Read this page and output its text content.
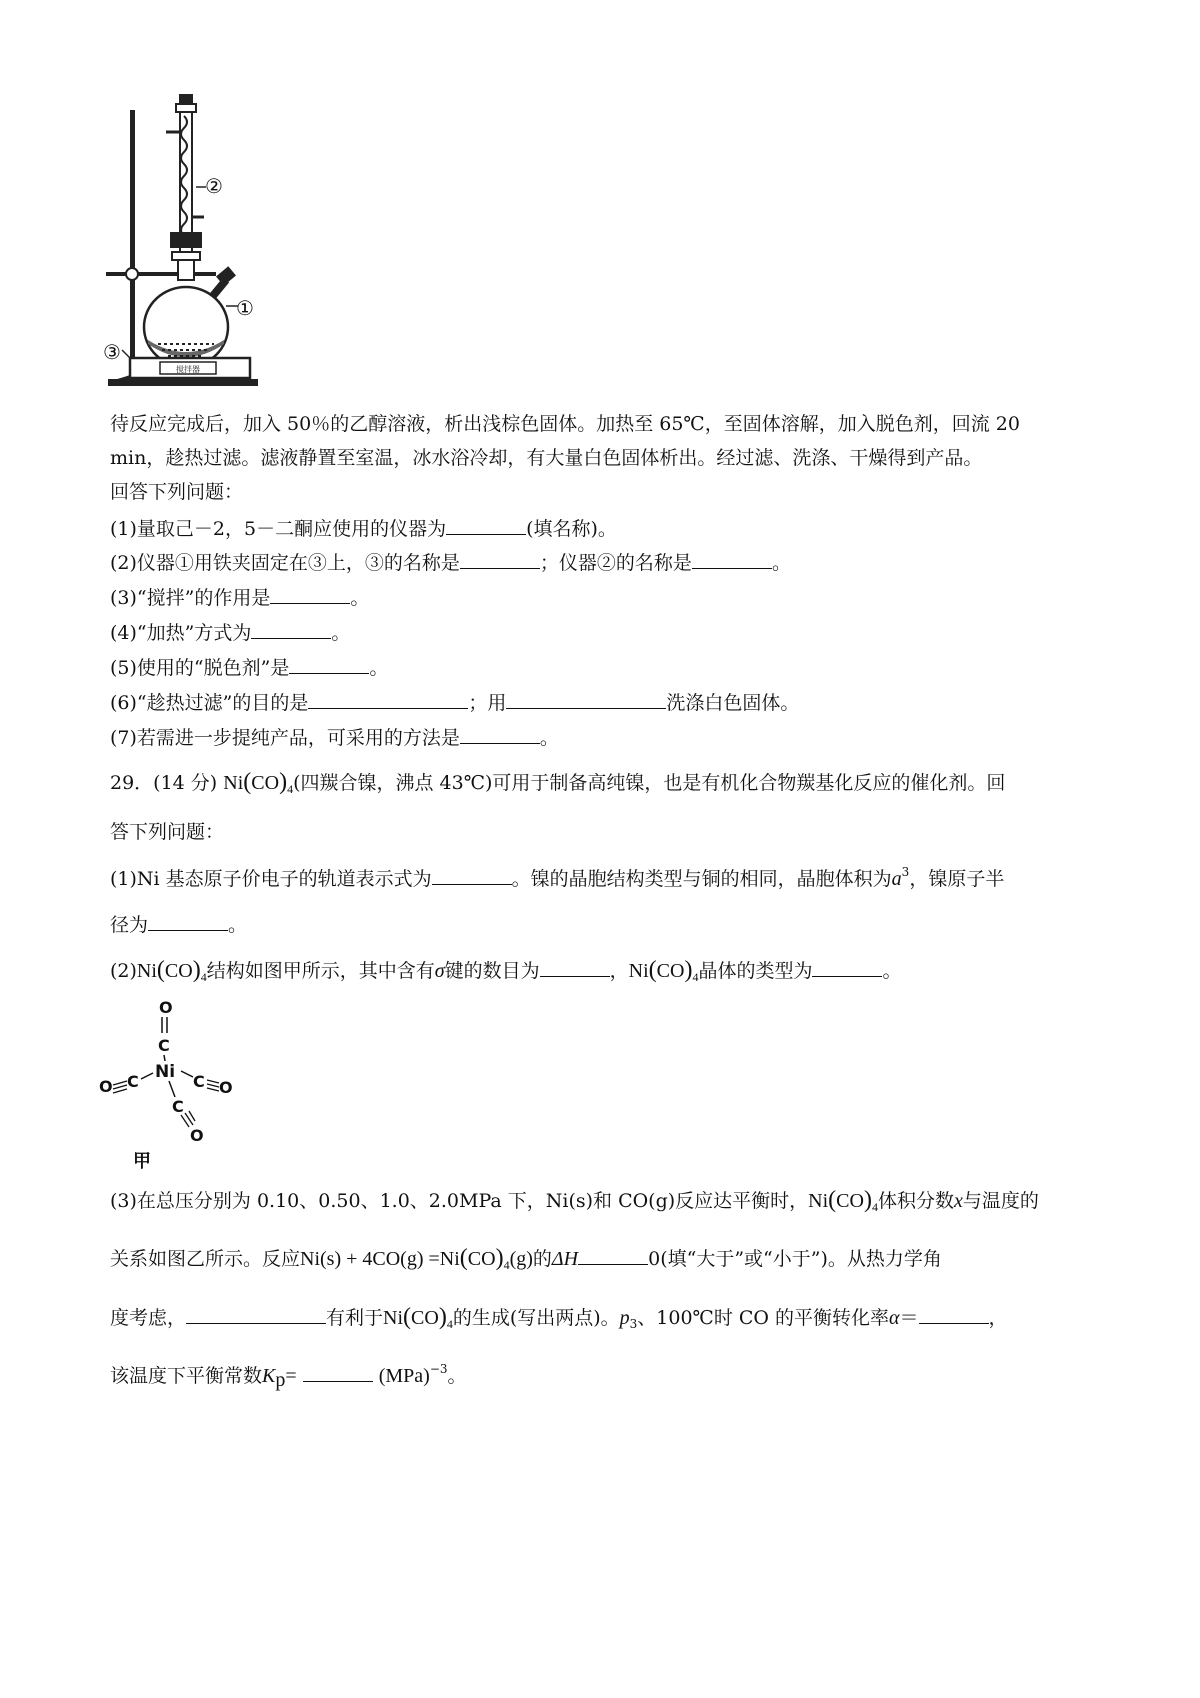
搅拌器
②
①
③
待反应完成后，加入 50％的乙醇溶液，析出浅棕色固体。加热至 65℃，至固体溶解，加入脱色剂，回流 20
min，趁热过滤。滤液静置至室温，冰水浴冷却，有大量白色固体析出。经过滤、洗涤、干燥得到产品。
回答下列问题：
(1)量取己－2，5－二酮应使用的仪器为	(填名称)。
(2)仪器①用铁夹固定在③上，③的名称是	；仪器②的名称是	。
(3)“搅拌”的作用是	。
(4)“加热”方式为	。
(5)使用的“脱色剂”是	。
(6)“趁热过滤”的目的是	；用	洗涤白色固体。
(7)若需进一步提纯产品，可采用的方法是	。
29．(14 分) $Ni(CO)_4$(四羰合镍，沸点 43℃)可用于制备高纯镍，也是有机化合物羰基化反应的催化剂。回
答下列问题：
(1)Ni 基态原子价电子的轨道表示式为	。镍的晶胞结构类型与铜的相同，晶胞体积为$a^3$，镍原子半
径为	。
$(2)Ni(CO)_4$结构如图甲所示，其中含有σ键的数目为	，$Ni(CO)_4$晶体的类型为	。
O
C
Ni
O C	C O
C
O
甲
(3)在总压分别为 0.10、0.50、1.0、2.0MPa 下，Ni(s)和 CO(g)反应达平衡时，$Ni(CO)_4$体积分数x与温度的
关系如图乙所示。反应$Ni(s) + 4CO(g) =Ni(CO)_4(g)$的ΔH	0(填“大于”或“小于”)。从热力学角
度考虑，	有利于$Ni(CO)_4$的生成(写出两点)。$p_3$、100℃时 CO 的平衡转化率α＝	，
该温度下平衡常数$K_p=$	(MPa)$^{-3}$。
